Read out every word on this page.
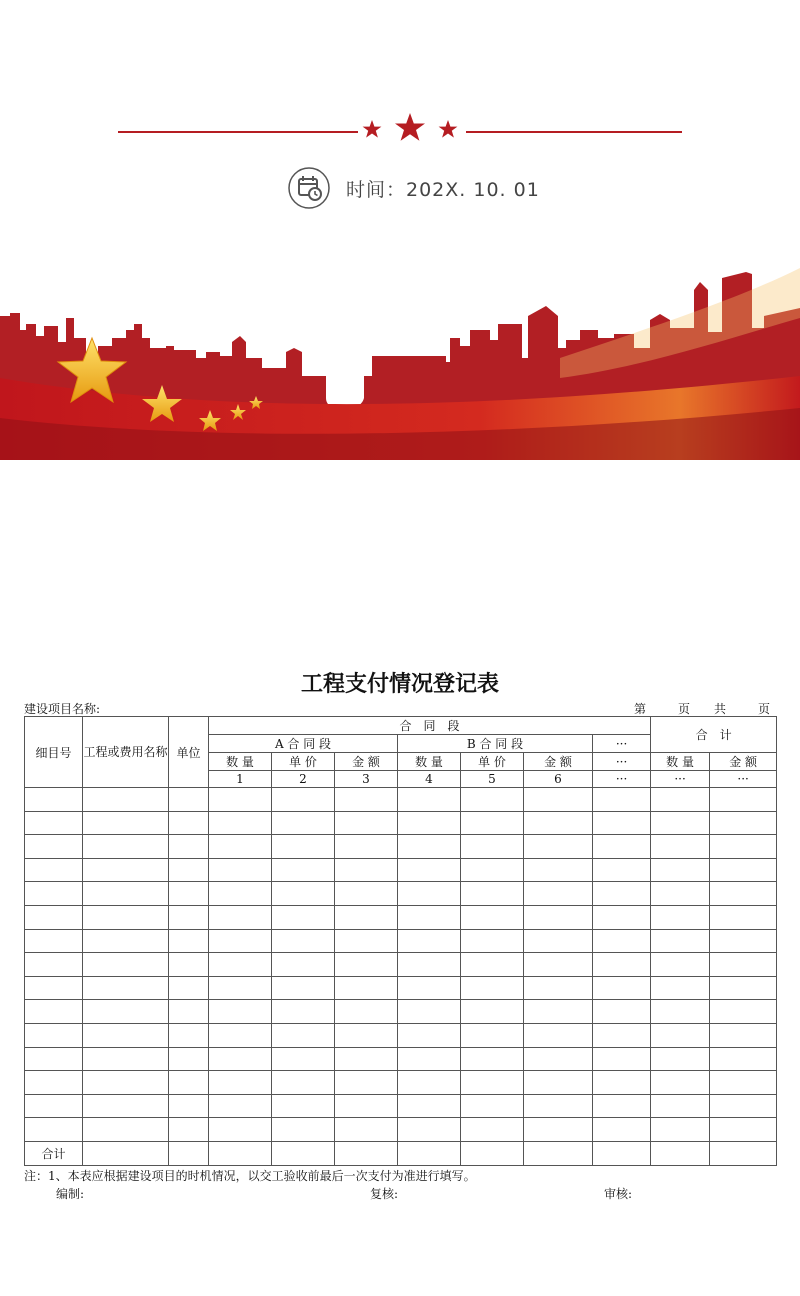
时间：202X. 10. 01
工程支付情况登记表
建设项目名称:	第	页 共	页
细目号	工程或费用名称	单位	合　同　段							合　计	
			A 合 同 段			B 合 同 段			···		
			数 量	单 价	金 额	数 量	单 价	金 额	···	数 量	金 额
			1	2	3	4	5	6	···	···	···

合计											
注：1、本表应根据建设项目的时机情况，以交工验收前最后一次支付为准进行填写。
编制:	复核:	审核:
